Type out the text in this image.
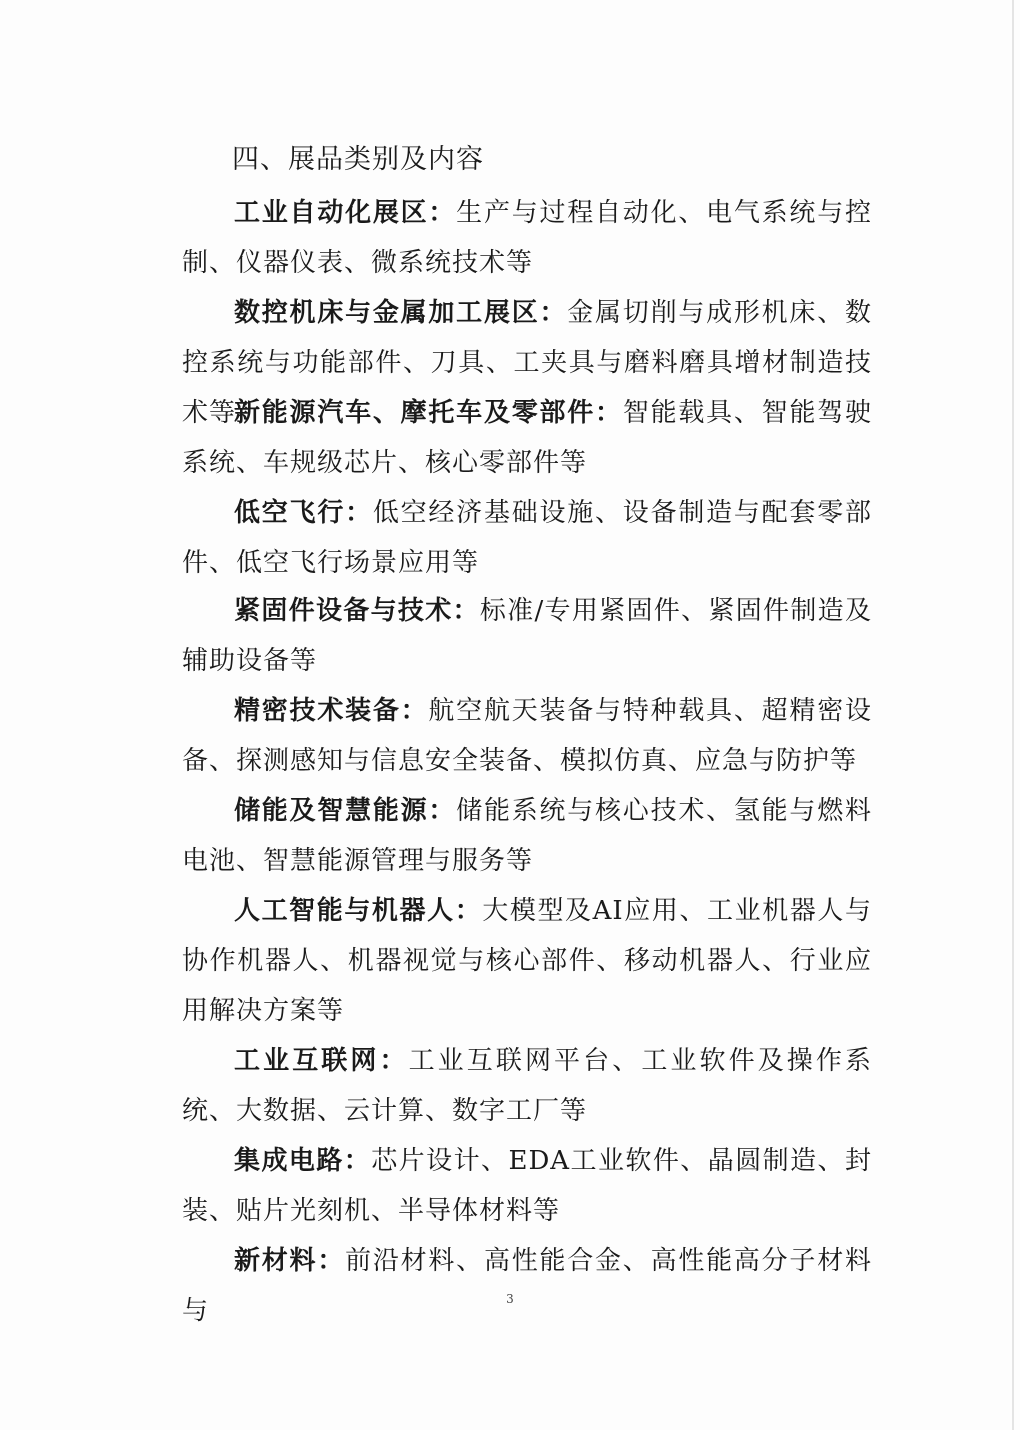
四、展品类别及内容

工业自动化展区：生产与过程自动化、电气系统与控制、仪器仪表、微系统技术等

数控机床与金属加工展区：金属切削与成形机床、数控系统与功能部件、刀具、工夹具与磨料磨具增材制造技术等

新能源汽车、摩托车及零部件：智能载具、智能驾驶系统、车规级芯片、核心零部件等

低空飞行：低空经济基础设施、设备制造与配套零部件、低空飞行场景应用等

紧固件设备与技术：标准/专用紧固件、紧固件制造及辅助设备等

精密技术装备：航空航天装备与特种载具、超精密设备、探测感知与信息安全装备、模拟仿真、应急与防护等

储能及智慧能源：储能系统与核心技术、氢能与燃料电池、智慧能源管理与服务等

人工智能与机器人：大模型及AI应用、工业机器人与协作机器人、机器视觉与核心部件、移动机器人、行业应用解决方案等

工业互联网：工业互联网平台、工业软件及操作系统、大数据、云计算、数字工厂等

集成电路：芯片设计、EDA工业软件、晶圆制造、封装、贴片光刻机、半导体材料等

新材料：前沿材料、高性能合金、高性能高分子材料与	3
